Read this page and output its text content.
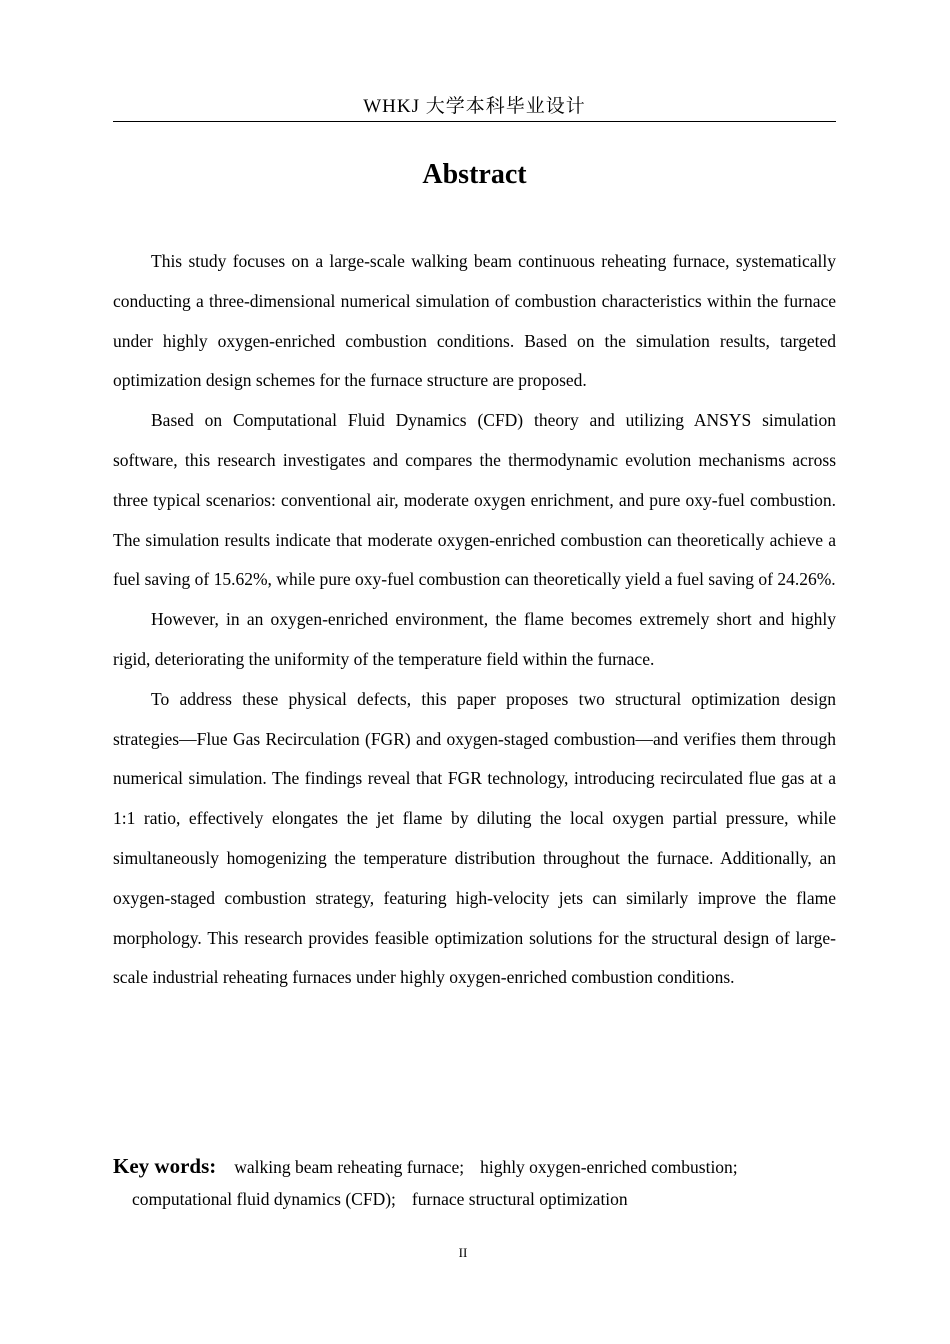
WHKJ 大学本科毕业设计
Abstract

This study focuses on a large-scale walking beam continuous reheating furnace, systematically conducting a three-dimensional numerical simulation of combustion characteristics within the furnace under highly oxygen-enriched combustion conditions. Based on the simulation results, targeted optimization design schemes for the furnace structure are proposed.

Based on Computational Fluid Dynamics (CFD) theory and utilizing ANSYS simulation software, this research investigates and compares the thermodynamic evolution mechanisms across three typical scenarios: conventional air, moderate oxygen enrichment, and pure oxy-fuel combustion. The simulation results indicate that moderate oxygen-enriched combustion can theoretically achieve a fuel saving of 15.62%, while pure oxy-fuel combustion can theoretically yield a fuel saving of 24.26%.

However, in an oxygen-enriched environment, the flame becomes extremely short and highly rigid, deteriorating the uniformity of the temperature field within the furnace.

To address these physical defects, this paper proposes two structural optimization design strategies—Flue Gas Recirculation (FGR) and oxygen-staged combustion—and verifies them through numerical simulation. The findings reveal that FGR technology, introducing recirculated flue gas at a 1:1 ratio, effectively elongates the jet flame by diluting the local oxygen partial pressure, while simultaneously homogenizing the temperature distribution throughout the furnace. Additionally, an oxygen-staged combustion strategy, featuring high-velocity jets can similarly improve the flame morphology. This research provides feasible optimization solutions for the structural design of large-scale industrial reheating furnaces under highly oxygen-enriched combustion conditions.

Key words: walking beam reheating furnace; highly oxygen-enriched combustion;
computational fluid dynamics (CFD); furnace structural optimization
II
